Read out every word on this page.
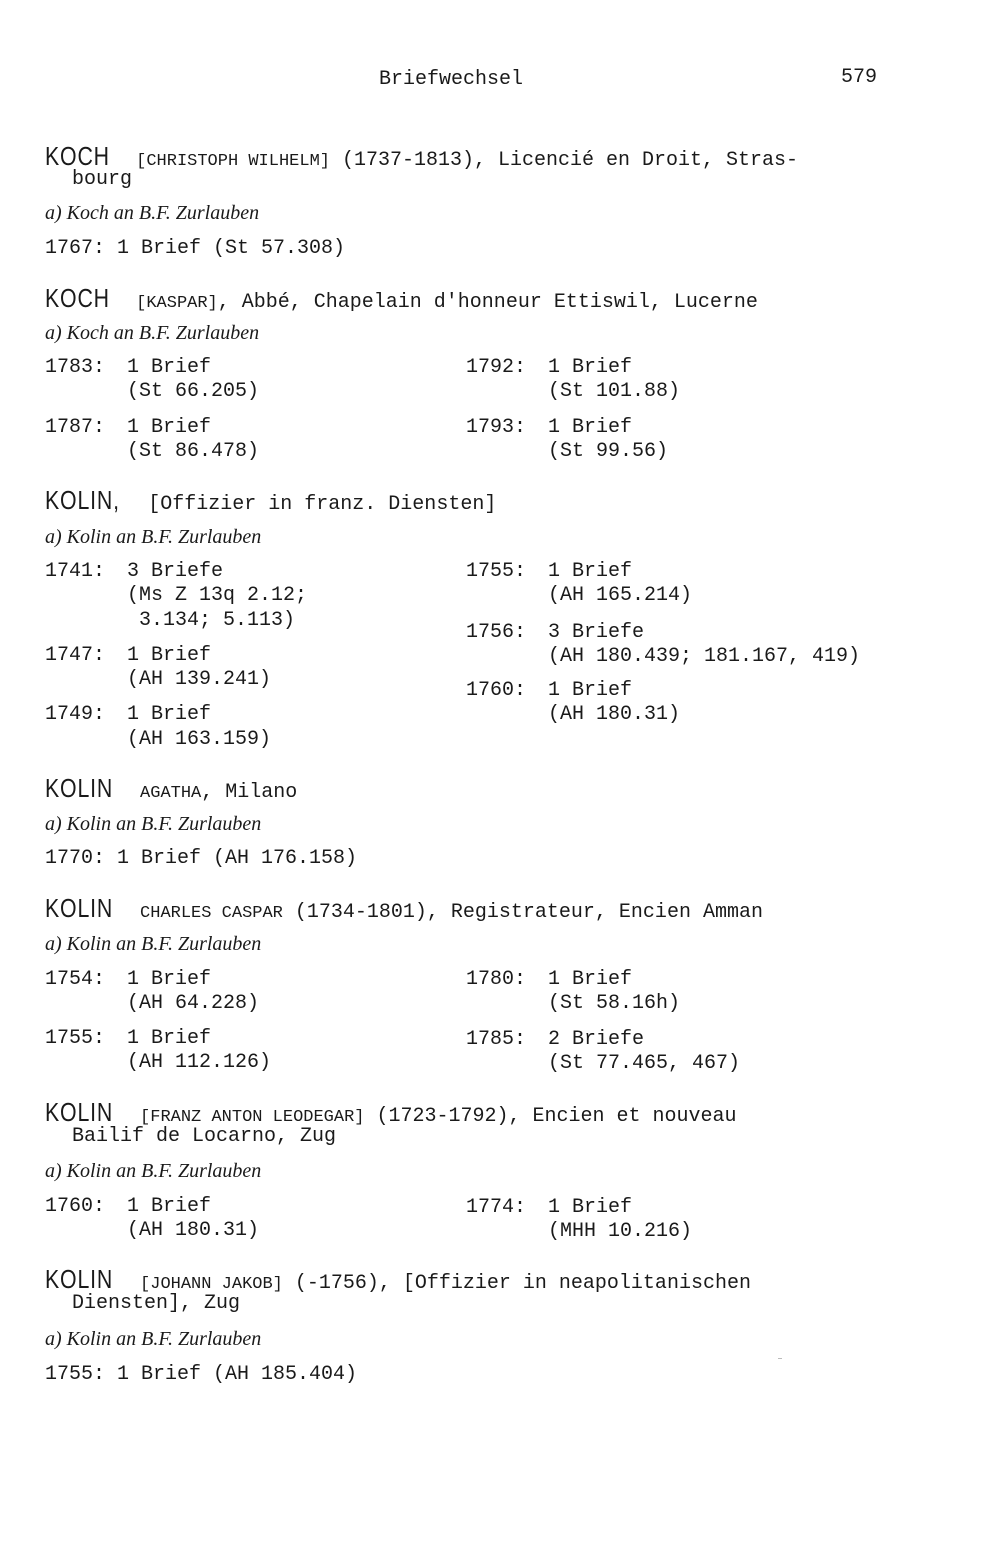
Briefwechsel	579
KOCH [CHRISTOPH WILHELM] (1737-1813), Licencié en Droit, Stras-
bourg
a) Koch an B.F. Zurlauben
1767: 1 Brief (St 57.308)
KOCH [KASPAR], Abbé, Chapelain d'honneur Ettiswil, Lucerne
a) Koch an B.F. Zurlauben
1783: 1 Brief
(St 66.205)
1787: 1 Brief
(St 86.478)
1792: 1 Brief
(St 101.88)
1793: 1 Brief
(St 99.56)
KOLIN, [Offizier in franz. Diensten]
a) Kolin an B.F. Zurlauben
1741: 3 Briefe
(Ms Z 13q 2.12;
3.134; 5.113)
1747: 1 Brief
(AH 139.241)
1749: 1 Brief
(AH 163.159)
1755: 1 Brief
(AH 165.214)
1756: 3 Briefe
(AH 180.439; 181.167, 419)
1760: 1 Brief
(AH 180.31)
KOLIN AGATHA, Milano
a) Kolin an B.F. Zurlauben
1770: 1 Brief (AH 176.158)
KOLIN CHARLES CASPAR (1734-1801), Registrateur, Encien Amman
a) Kolin an B.F. Zurlauben
1754: 1 Brief
(AH 64.228)
1755: 1 Brief
(AH 112.126)
1780: 1 Brief
(St 58.16h)
1785: 2 Briefe
(St 77.465, 467)
KOLIN [FRANZ ANTON LEODEGAR] (1723-1792), Encien et nouveau
Bailif de Locarno, Zug
a) Kolin an B.F. Zurlauben
1760: 1 Brief
(AH 180.31)
1774: 1 Brief
(MHH 10.216)
KOLIN [JOHANN JAKOB] (-1756), [Offizier in neapolitanischen
Diensten], Zug
a) Kolin an B.F. Zurlauben
1755: 1 Brief (AH 185.404)
